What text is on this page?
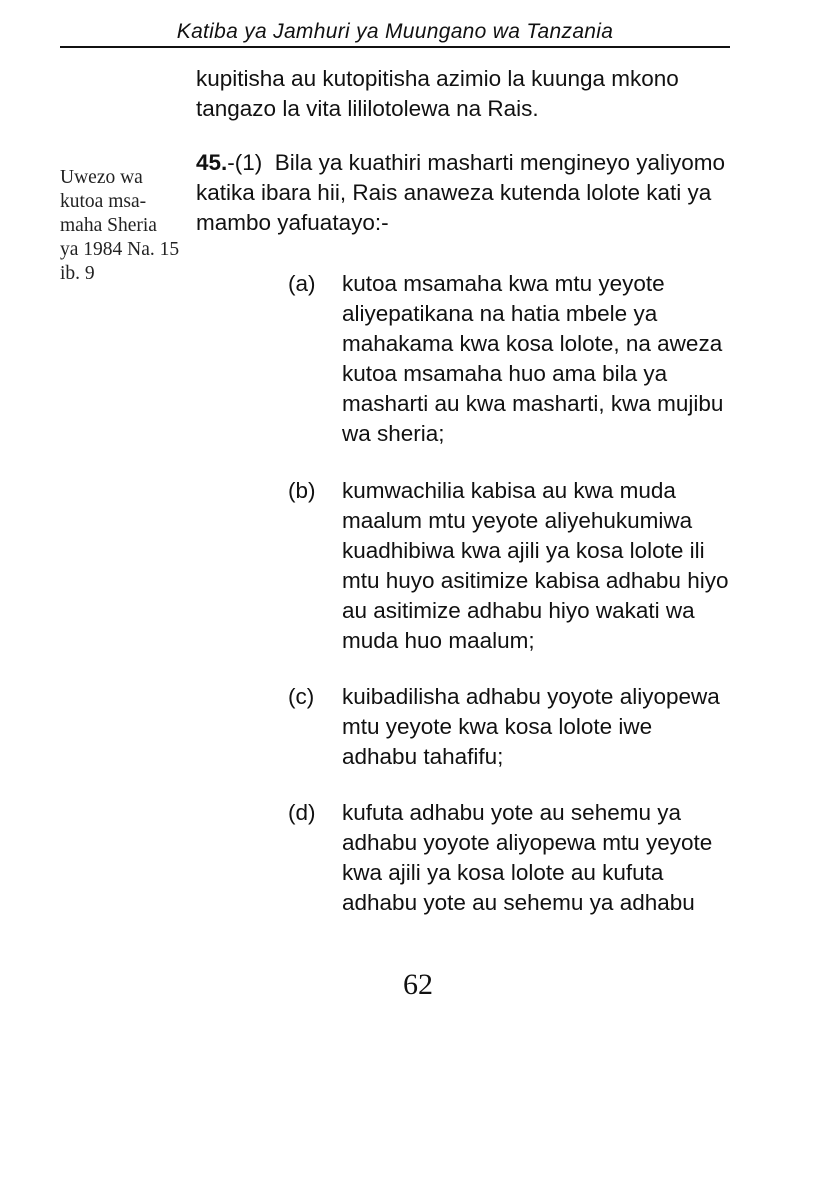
Katiba ya Jamhuri ya Muungano wa Tanzania
kupitisha au kutopitisha azimio la kuunga mkono tangazo la vita lililotolewa na Rais.
Uwezo wa kutoa msa-maha Sheria ya 1984 Na. 15 ib. 9
45.-(1) Bila ya kuathiri masharti mengineyo yaliyomo katika ibara hii, Rais anaweza kutenda lolote kati ya mambo yafuatayo:-
(a)	kutoa msamaha kwa mtu yeyote aliyepatikana na hatia mbele ya mahakama kwa kosa lolote, na aweza kutoa msamaha huo ama bila ya masharti au kwa masharti, kwa mujibu wa sheria;
(b)	kumwachilia kabisa au kwa muda maalum mtu yeyote aliyehukumiwa kuadhibiwa kwa ajili ya kosa lolote ili mtu huyo asitimize kabisa adhabu hiyo au asitimize adhabu hiyo wakati wa muda huo maalum;
(c)	kuibadilisha adhabu yoyote aliyopewa mtu yeyote kwa kosa lolote iwe adhabu tahafifu;
(d)	kufuta adhabu yote au sehemu ya adhabu yoyote aliyopewa mtu yeyote kwa ajili ya kosa lolote au kufuta adhabu yote au sehemu ya adhabu
62
